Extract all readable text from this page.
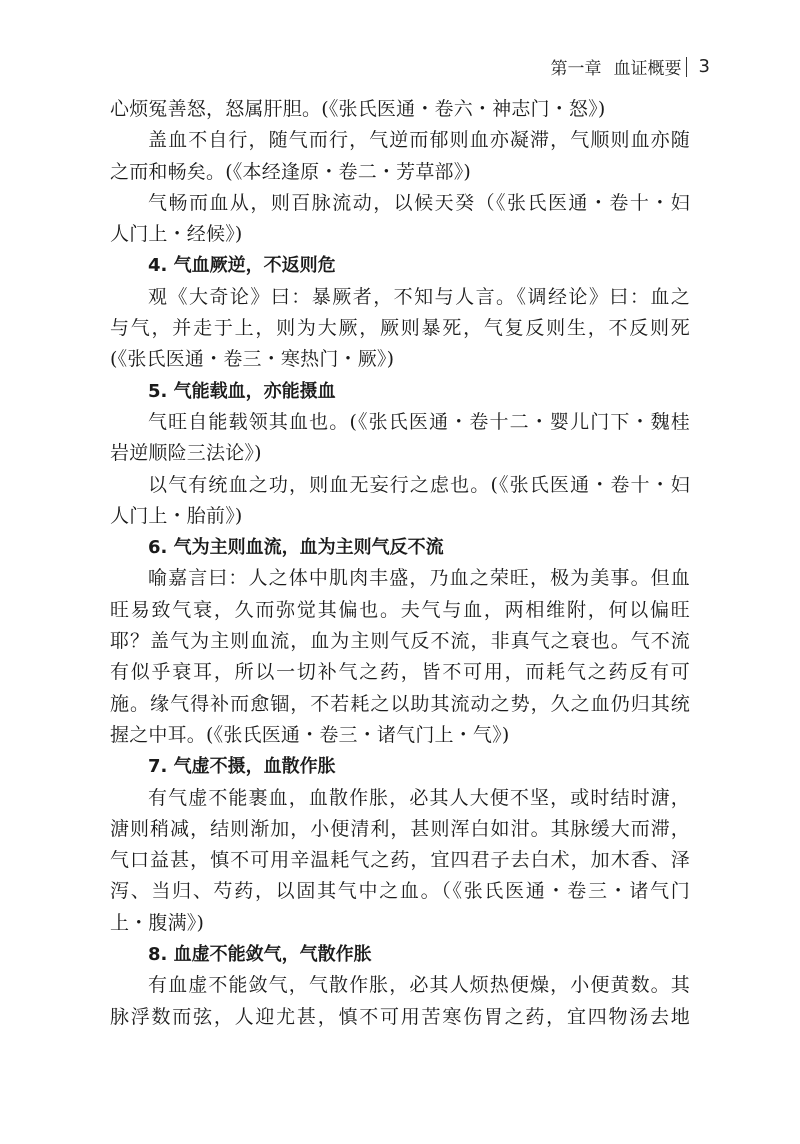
第一章 血证概要 3
心烦冤善怒，怒属肝胆。(《张氏医通・卷六・神志门・怒》)
盖血不自行，随气而行，气逆而郁则血亦凝滞，气顺则血亦随
之而和畅矣。(《本经逢原・卷二・芳草部》)
气畅而血从，则百脉流动，以候天癸（《张氏医通・卷十・妇
人门上・经候》)
4. 气血厥逆，不返则危
观《大奇论》曰：暴厥者，不知与人言。《调经论》曰：血之
与气，并走于上，则为大厥，厥则暴死，气复反则生，不反则死
(《张氏医通・卷三・寒热门・厥》)
5. 气能载血，亦能摄血
气旺自能载领其血也。(《张氏医通・卷十二・婴儿门下・魏桂
岩逆顺险三法论》)
以气有统血之功，则血无妄行之虑也。(《张氏医通・卷十・妇
人门上・胎前》)
6. 气为主则血流，血为主则气反不流
喻嘉言曰：人之体中肌肉丰盛，乃血之荣旺，极为美事。但血
旺易致气衰，久而弥觉其偏也。夫气与血，两相维附，何以偏旺
耶？盖气为主则血流，血为主则气反不流，非真气之衰也。气不流
有似乎衰耳，所以一切补气之药，皆不可用，而耗气之药反有可
施。缘气得补而愈锢，不若耗之以助其流动之势，久之血仍归其统
握之中耳。(《张氏医通・卷三・诸气门上・气》)
7. 气虚不摄，血散作胀
有气虚不能裹血，血散作胀，必其人大便不坚，或时结时溏，
溏则稍减，结则渐加，小便清利，甚则浑白如泔。其脉缓大而滞，
气口益甚，慎不可用辛温耗气之药，宜四君子去白术，加木香、泽
泻、当归、芍药，以固其气中之血。（《张氏医通・卷三・诸气门
上・腹满》)
8. 血虚不能敛气，气散作胀
有血虚不能敛气，气散作胀，必其人烦热便燥，小便黄数。其
脉浮数而弦，人迎尤甚，慎不可用苦寒伤胃之药，宜四物汤去地
